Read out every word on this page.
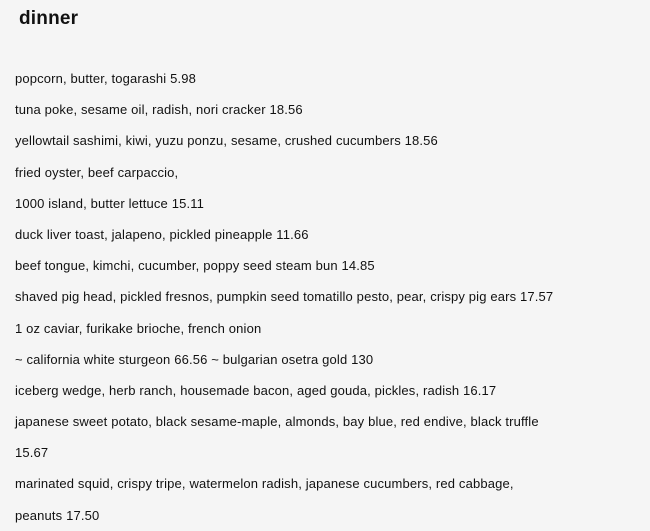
dinner
popcorn, butter, togarashi 5.98
tuna poke, sesame oil, radish, nori cracker 18.56
yellowtail sashimi, kiwi, yuzu ponzu, sesame, crushed cucumbers 18.56
fried oyster, beef carpaccio,
1000 island, butter lettuce 15.11
duck liver toast, jalapeno, pickled pineapple 11.66
beef tongue, kimchi, cucumber, poppy seed steam bun 14.85
shaved pig head, pickled fresnos, pumpkin seed tomatillo pesto, pear, crispy pig ears 17.57
1 oz caviar, furikake brioche, french onion
~ california white sturgeon 66.56 ~ bulgarian osetra gold 130
iceberg wedge, herb ranch, housemade bacon, aged gouda, pickles, radish 16.17
japanese sweet potato, black sesame-maple, almonds, bay blue, red endive, black truffle
15.67
marinated squid, crispy tripe, watermelon radish, japanese cucumbers, red cabbage,
peanuts 17.50
